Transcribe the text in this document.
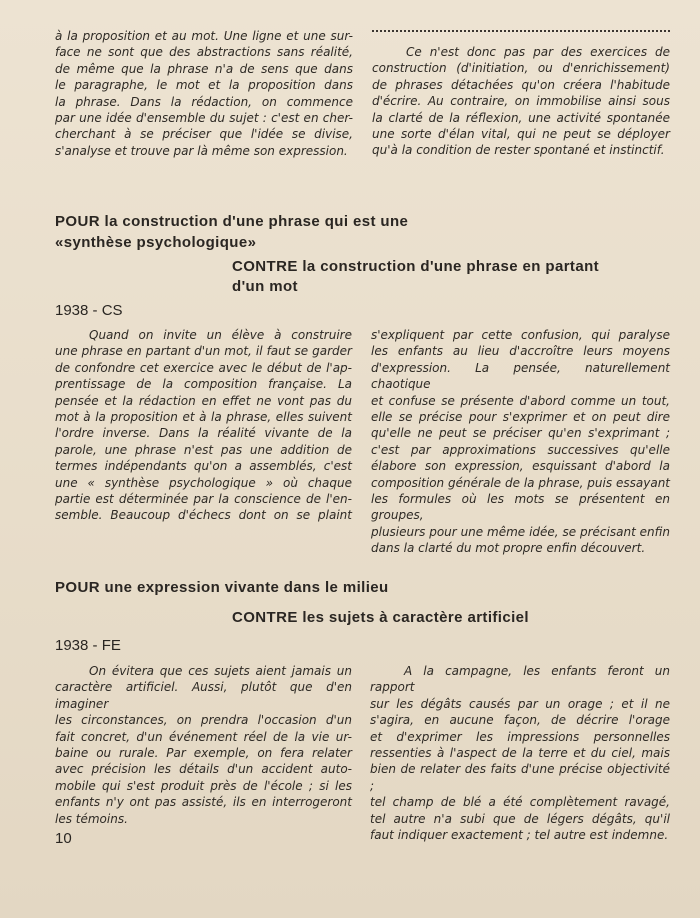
à la proposition et au mot. Une ligne et une sur-
face ne sont que des abstractions sans réalité,
de même que la phrase n'a de sens que dans
le paragraphe, le mot et la proposition dans
la phrase. Dans la rédaction, on commence
par une idée d'ensemble du sujet : c'est en cher-
cherchant à se préciser que l'idée se divise,
s'analyse et trouve par là même son expression.

Ce n'est donc pas par des exercices de
construction (d'initiation, ou d'enrichissement)
de phrases détachées qu'on créera l'habitude
d'écrire. Au contraire, on immobilise ainsi sous
la clarté de la réflexion, une activité spontanée
une sorte d'élan vital, qui ne peut se déployer
qu'à la condition de rester spontané et instinctif.

POUR la construction d'une phrase qui est une
«synthèse psychologique»
CONTRE la construction d'une phrase en partant
d'un mot
1938 - CS

Quand on invite un élève à construire
une phrase en partant d'un mot, il faut se garder
de confondre cet exercice avec le début de l'ap-
prentissage de la composition française. La
pensée et la rédaction en effet ne vont pas du
mot à la proposition et à la phrase, elles suivent
l'ordre inverse. Dans la réalité vivante de la
parole, une phrase n'est pas une addition de
termes indépendants qu'on a assemblés, c'est
une « synthèse psychologique » où chaque
partie est déterminée par la conscience de l'en-
semble. Beaucoup d'échecs dont on se plaint

s'expliquent par cette confusion, qui paralyse
les enfants au lieu d'accroître leurs moyens
d'expression. La pensée, naturellement chaotique
et confuse se présente d'abord comme un tout,
elle se précise pour s'exprimer et on peut dire
qu'elle ne peut se préciser qu'en s'exprimant ;
c'est par approximations successives qu'elle
élabore son expression, esquissant d'abord la
composition générale de la phrase, puis essayant
les formules où les mots se présentent en groupes,
plusieurs pour une même idée, se précisant enfin
dans la clarté du mot propre enfin découvert.

POUR une expression vivante dans le milieu
CONTRE les sujets à caractère artificiel
1938 - FE

On évitera que ces sujets aient jamais un
caractère artificiel. Aussi, plutôt que d'en imaginer
les circonstances, on prendra l'occasion d'un
fait concret, d'un événement réel de la vie ur-
baine ou rurale. Par exemple, on fera relater
avec précision les détails d'un accident auto-
mobile qui s'est produit près de l'école ; si les
enfants n'y ont pas assisté, ils en interrogeront
les témoins.

A la campagne, les enfants feront un rapport
sur les dégâts causés par un orage ; et il ne
s'agira, en aucune façon, de décrire l'orage
et d'exprimer les impressions personnelles
ressenties à l'aspect de la terre et du ciel, mais
bien de relater des faits d'une précise objectivité ;
tel champ de blé a été complètement ravagé,
tel autre n'a subi que de légers dégâts, qu'il
faut indiquer exactement ; tel autre est indemne.

10
